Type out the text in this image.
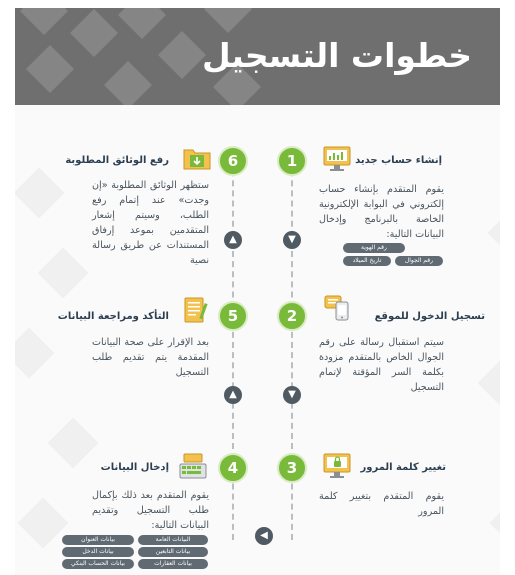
خطوات التسجيل
1	إنشاء حساب جديد
يقوم المتقدم بإنشاء حساب إلكتروني في البوابة الإلكترونية الخاصة بالبرنامج وإدخال البيانات التالية:
رقم الهوية
رقم الجوال
تاريخ الميلاد
2	تسجيل الدخول للموقع
سيتم استقبال رسالة على رقم الجوال الخاص بالمتقدم مزودة بكلمة السر المؤقتة لإتمام التسجيل
3	تغيير كلمة المرور
يقوم المتقدم بتغيير كلمة المرور
4
إدخال البيانات
يقوم المتقدم بعد ذلك بإكمال طلب التسجيل وتقديم البيانات التالية:
البيانات العامة
بيانات العنوان
بيانات التابعين
بيانات الدخل
بيانات العقارات
بيانات الحساب البنكي
5
التأكد ومراجعة البيانات
بعد الإقرار على صحة البيانات المقدمة يتم تقديم طلب التسجيل
6
رفع الوثائق المطلوبة
ستظهر الوثائق المطلوبة «إن وجدت» عند إتمام رفع الطلب، وسيتم إشعار المتقدمين بموعد إرفاق المستندات عن طريق رسالة نصية
▼
▼
▲
▲
◀
